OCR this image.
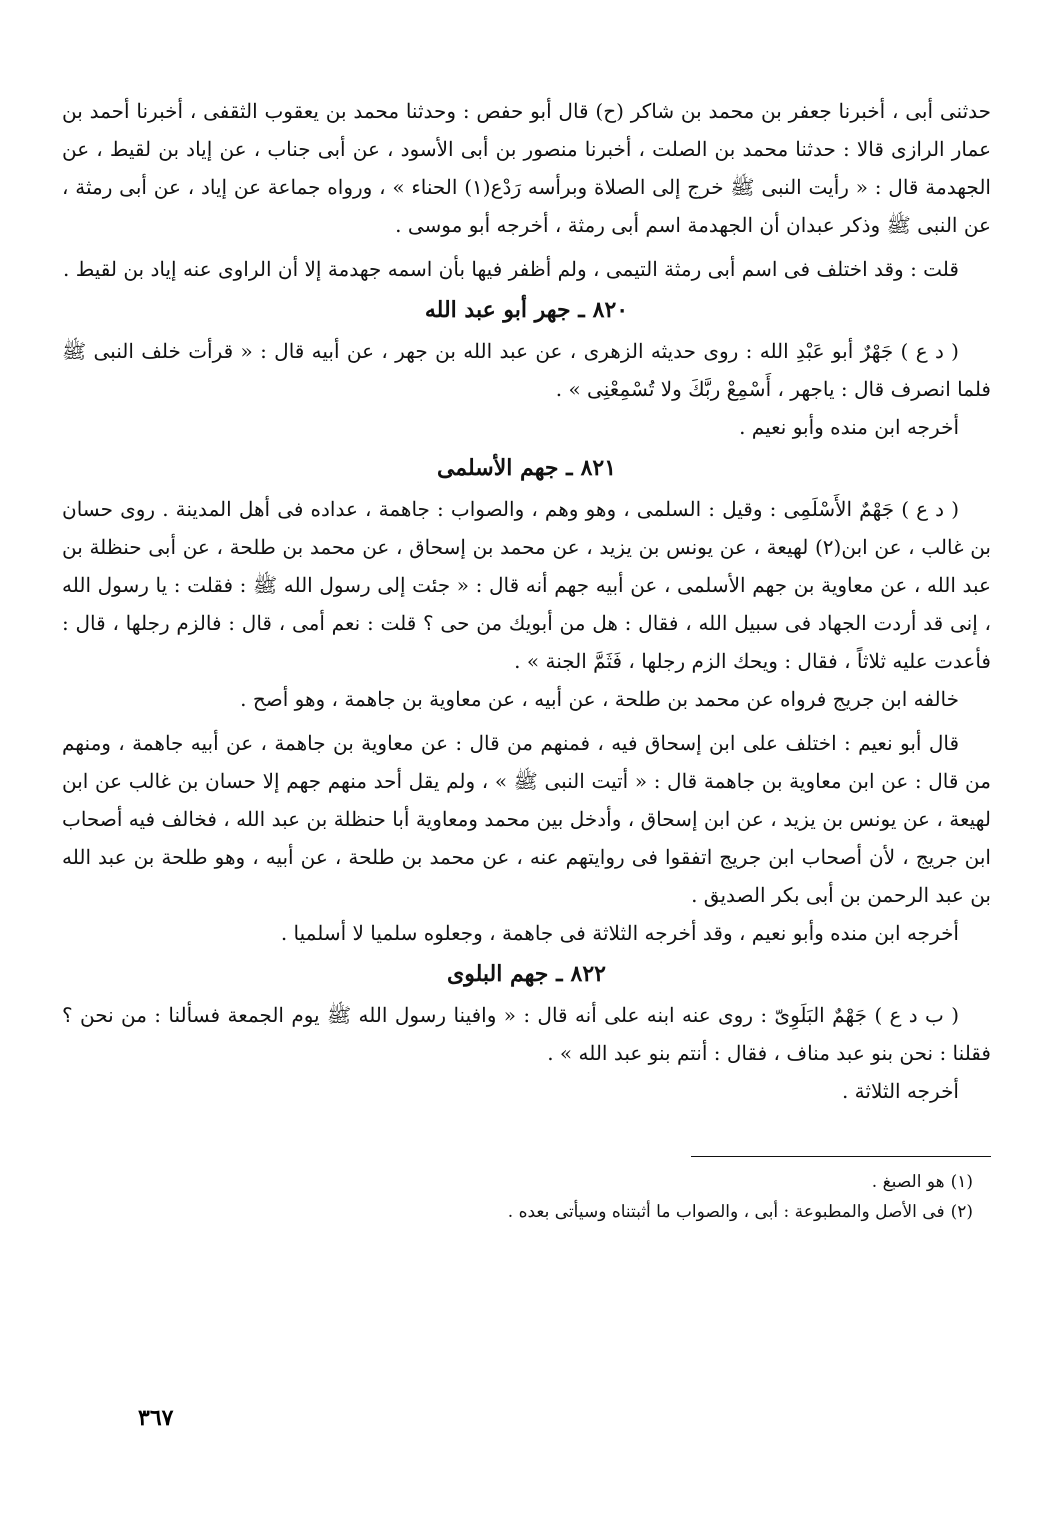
حدثنى أبى ، أخبرنا جعفر بن محمد بن شاكر (ح) قال أبو حفص : وحدثنا محمد بن يعقوب الثقفى ، أخبرنا أحمد بن عمار الرازى قالا : حدثنا محمد بن الصلت ، أخبرنا منصور بن أبى الأسود ، عن أبى جناب ، عن إياد بن لقيط ، عن الجهدمة قال : « رأيت النبى ﷺ خرج إلى الصلاة وبرأسه رَدْع(١) الحناء » ، ورواه جماعة عن إياد ، عن أبى رمثة ، عن النبى ﷺ وذكر عبدان أن الجهدمة اسم أبى رمثة ، أخرجه أبو موسى .

قلت : وقد اختلف فى اسم أبى رمثة التيمى ، ولم أظفر فيها بأن اسمه جهدمة إلا أن الراوى عنه إياد بن لقيط .

٨٢٠ـ جهر أبو عبد الله

( د ع ) جَهْرٌ أبو عَبْدِ الله : روى حديثه الزهرى ، عن عبد الله بن جهر ، عن أبيه قال : « قرأت خلف النبى ﷺ فلما انصرف قال : ياجهر ، أَسْمِعْ ربَّكَ ولا تُسْمِعْنِى » .

أخرجه ابن منده وأبو نعيم .

٨٢١ـ جهم الأسلمى

( د ع ) جَهْمٌ الأَسْلَمِى : وقيل : السلمى ، وهو وهم ، والصواب : جاهمة ، عداده فى أهل المدينة . روى حسان بن غالب ، عن ابن(٢) لهيعة ، عن يونس بن يزيد ، عن محمد بن إسحاق ، عن محمد بن طلحة ، عن أبى حنظلة بن عبد الله ، عن معاوية بن جهم الأسلمى ، عن أبيه جهم أنه قال : « جئت إلى رسول الله ﷺ : فقلت : يا رسول الله ، إنى قد أردت الجهاد فى سبيل الله ، فقال : هل من أبويك من حى ؟ قلت : نعم أمى ، قال : فالزم رجلها ، قال : فأعدت عليه ثلاثاً ، فقال : ويحك الزم رجلها ، فَثَمَّ الجنة » .

خالفه ابن جريج فرواه عن محمد بن طلحة ، عن أبيه ، عن معاوية بن جاهمة ، وهو أصح .

قال أبو نعيم : اختلف على ابن إسحاق فيه ، فمنهم من قال : عن معاوية بن جاهمة ، عن أبيه جاهمة ، ومنهم من قال : عن ابن معاوية بن جاهمة قال : « أتيت النبى ﷺ » ، ولم يقل أحد منهم جهم إلا حسان بن غالب عن ابن لهيعة ، عن يونس بن يزيد ، عن ابن إسحاق ، وأدخل بين محمد ومعاوية أبا حنظلة بن عبد الله ، فخالف فيه أصحاب ابن جريج ، لأن أصحاب ابن جريج اتفقوا فى روايتهم عنه ، عن محمد بن طلحة ، عن أبيه ، وهو طلحة بن عبد الله بن عبد الرحمن بن أبى بكر الصديق .

أخرجه ابن منده وأبو نعيم ، وقد أخرجه الثلاثة فى جاهمة ، وجعلوه سلميا لا أسلميا .

٨٢٢ـ جهم البلوى

( ب د ع ) جَهْمٌ البَلَوِىّ : روى عنه ابنه على أنه قال : « وافينا رسول الله ﷺ يوم الجمعة فسألنا : من نحن ؟ فقلنا : نحن بنو عبد مناف ، فقال : أنتم بنو عبد الله » .

أخرجه الثلاثة .

(١)هو الصبغ .

(٢)فى الأصل والمطبوعة : أبى ، والصواب ما أثبتناه وسيأتى بعده .

٣٦٧
